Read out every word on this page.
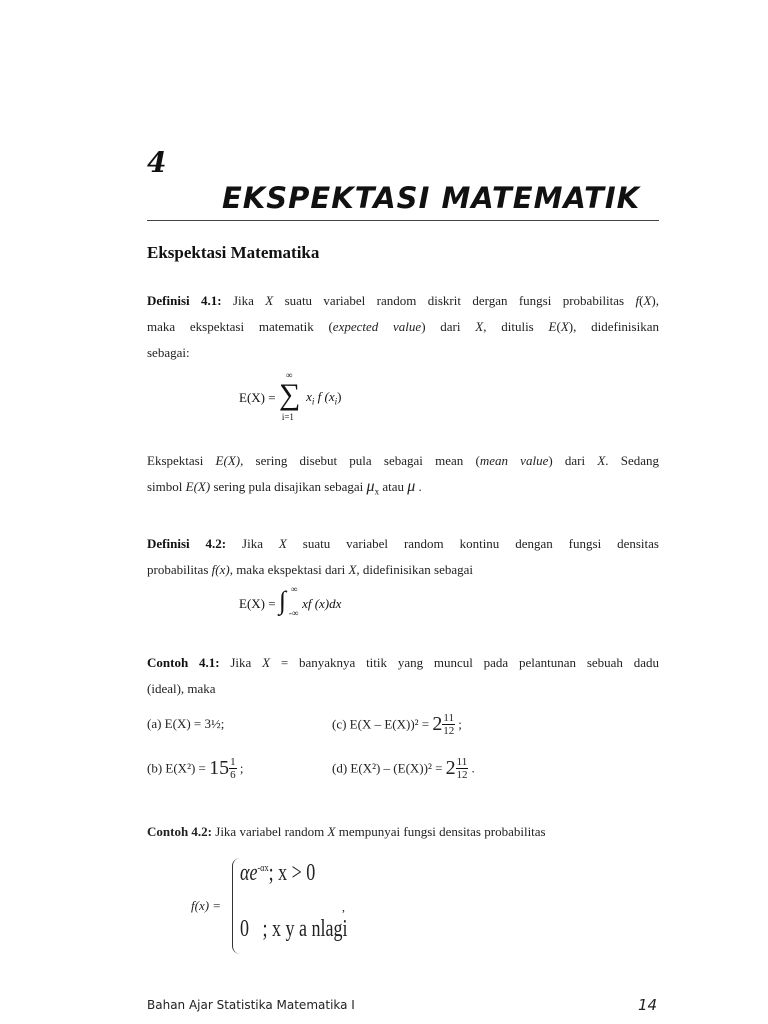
4
EKSPEKTASI MATEMATIK
Ekspektasi Matematika
Definisi 4.1: Jika X suatu variabel random diskrit dergan fungsi probabilitas f(X),
maka ekspektasi matematik (expected value) dari X, ditulis E(X), didefinisikan
sebagai:
E(X) =
∞
∑
i=1
$x_i$ f $(x_i)$
Ekspektasi E(X), sering disebut pula sebagai mean (mean value) dari X. Sedang
simbol E(X) sering pula disajikan sebagai $\mu_x$ atau μ .
Definisi 4.2: Jika X suatu variabel random kontinu dengan fungsi densitas
probabilitas f(x), maka ekspektasi dari X, didefinisikan sebagai
E(X) = ∫ ∞
-∞
xf (x)dx
Contoh 4.1: Jika X = banyaknya titik yang muncul pada pelantunan sebuah dadu
(ideal), maka
(a) E(X) = 3½;	(c) $E(X - E(X))^2 = 2 \frac{11}{12}$ ;
(b) $E(X^2) = 15 \frac{1}{6}$ ;	(d) $E(X^2) - (E(X))^2 = 2 \frac{11}{12}$ .
Contoh 4.2: Jika variabel random X mempunyai fungsi densitas probabilitas
f(x) =
$\alpha e^{-\alpha x}$; x > 0
0 ; x y a nlagi
,
Bahan Ajar Statistika Matematika I	14
